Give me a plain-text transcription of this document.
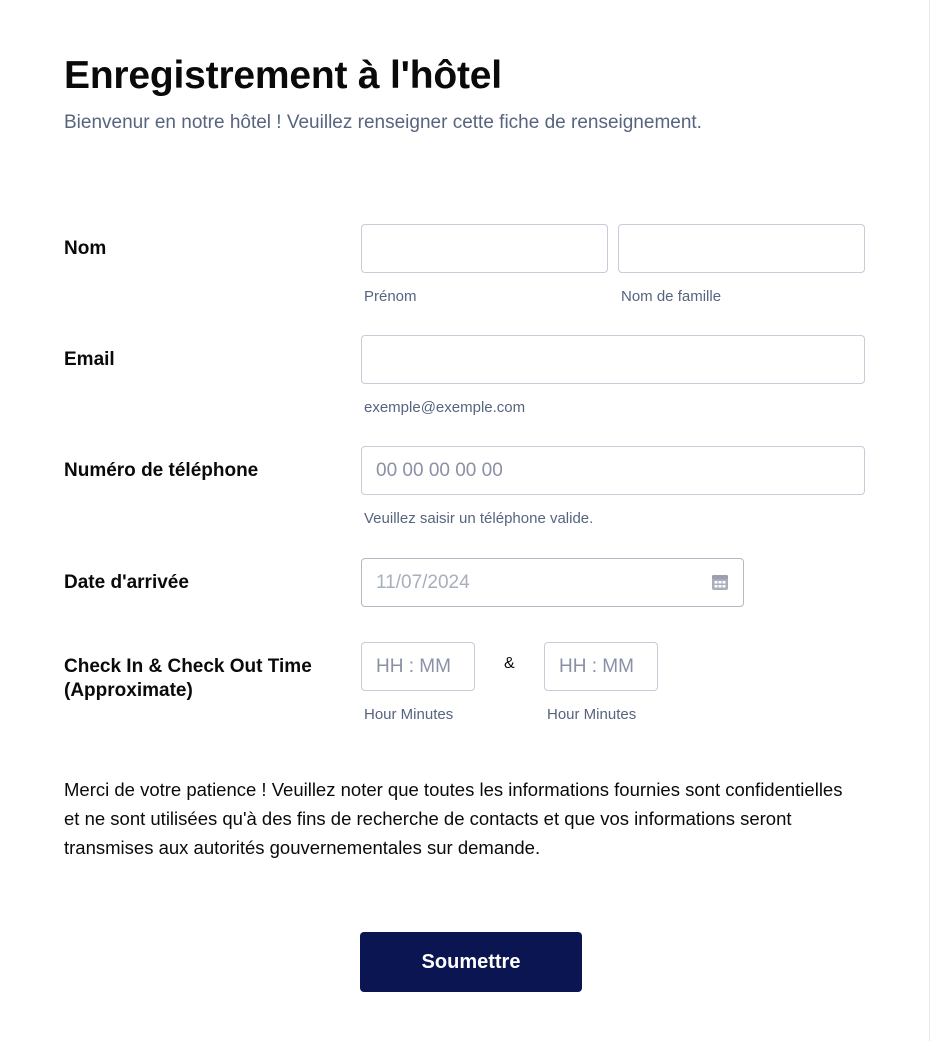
Enregistrement à l'hôtel

Bienvenur en notre hôtel ! Veuillez renseigner cette fiche de renseignement.

Nom
Prénom	Nom de famille
Email
exemple@exemple.com
Numéro de téléphone
00 00 00 00 00
Veuillez saisir un téléphone valide.
Date d'arrivée
11/07/2024
Check In & Check Out Time
(Approximate)
HH : MM
&
HH : MM
Hour Minutes	Hour Minutes

Merci de votre patience ! Veuillez noter que toutes les informations fournies sont confidentielles et ne sont utilisées qu'à des fins de recherche de contacts et que vos informations seront transmises aux autorités gouvernementales sur demande.

Soumettre
